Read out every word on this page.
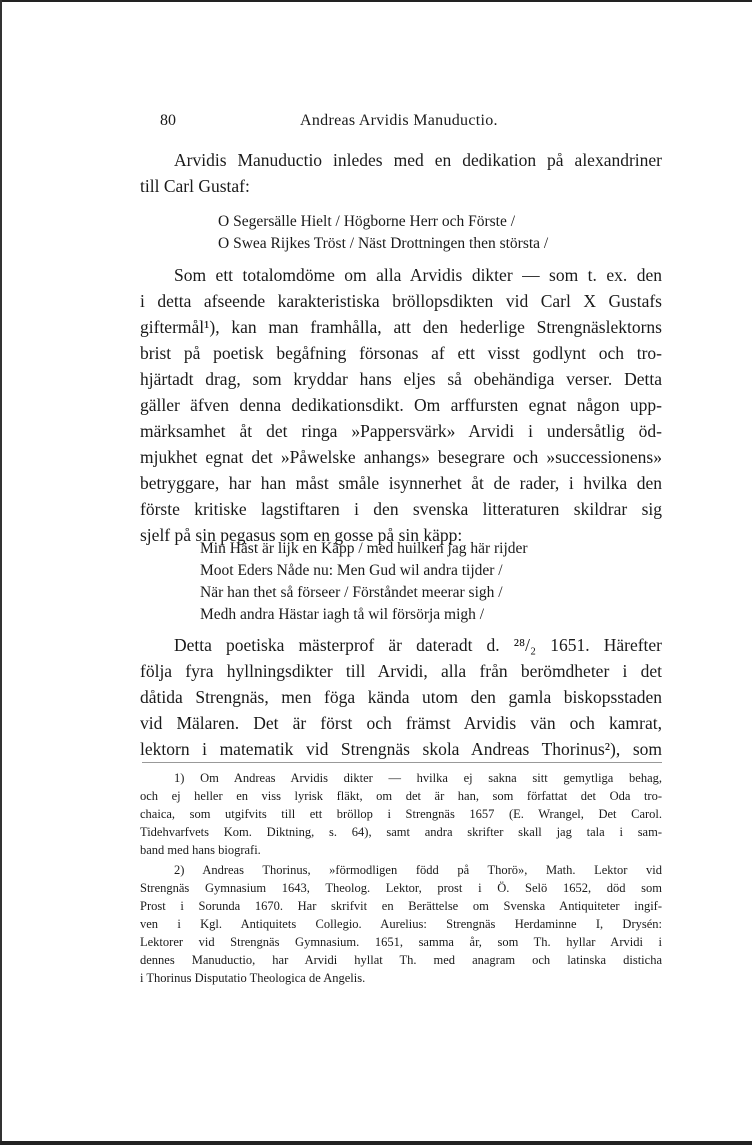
80	Andreas Arvidis Manuductio.
Arvidis Manuductio inledes med en dedikation på alexandriner
till Carl Gustaf:
O Segersälle Hielt / Högborne Herr och Förste /
O Swea Rijkes Tröst / Näst Drottningen then största /
Som ett totalomdöme om alla Arvidis dikter — som t. ex. den
i detta afseende karakteristiska bröllopsdikten vid Carl X Gustafs
giftermål¹), kan man framhålla, att den hederlige Strengnäslektorns
brist på poetisk begåfning försonas af ett visst godlynt och tro-
hjärtadt drag, som kryddar hans eljes så obehändiga verser. Detta
gäller äfven denna dedikationsdikt. Om arffursten egnat någon upp-
märksamhet åt det ringa »Pappersvärk» Arvidi i undersåtlig öd-
mjukhet egnat det »Påwelske anhangs» besegrare och »successionens»
betryggare, har han måst småle isynnerhet åt de rader, i hvilka den
förste kritiske lagstiftaren i den svenska litteraturen skildrar sig
sjelf på sin pegasus som en gosse på sin käpp:
Min Häst är lijk en Käpp / med huilken jag här rijder
Moot Eders Nåde nu: Men Gud wil andra tijder /
När han thet så förseer / Förståndet meerar sigh /
Medh andra Hästar iagh tå wil försörja migh /
Detta poetiska mästerprof är dateradt d. ²⁸/₂ 1651. Härefter
följa fyra hyllningsdikter till Arvidi, alla från berömdheter i det
dåtida Strengnäs, men föga kända utom den gamla biskopsstaden
vid Mälaren. Det är först och främst Arvidis vän och kamrat,
lektorn i matematik vid Strengnäs skola Andreas Thorinus²), som
1) Om Andreas Arvidis dikter — hvilka ej sakna sitt gemytliga behag,
och ej heller en viss lyrisk fläkt, om det är han, som författat det Oda tro-
chaica, som utgifvits till ett bröllop i Strengnäs 1657 (E. Wrangel, Det Carol.
Tidehvarfvets Kom. Diktning, s. 64), samt andra skrifter skall jag tala i sam-
band med hans biografi.
2) Andreas Thorinus, »förmodligen född på Thorö», Math. Lektor vid
Strengnäs Gymnasium 1643, Theolog. Lektor, prost i Ö. Selö 1652, död som
Prost i Sorunda 1670. Har skrifvit en Berättelse om Svenska Antiquiteter ingif-
ven i Kgl. Antiquitets Collegio. Aurelius: Strengnäs Herdaminne I, Drysén:
Lektorer vid Strengnäs Gymnasium. 1651, samma år, som Th. hyllar Arvidi i
dennes Manuductio, har Arvidi hyllat Th. med anagram och latinska disticha
i Thorinus Disputatio Theologica de Angelis.
